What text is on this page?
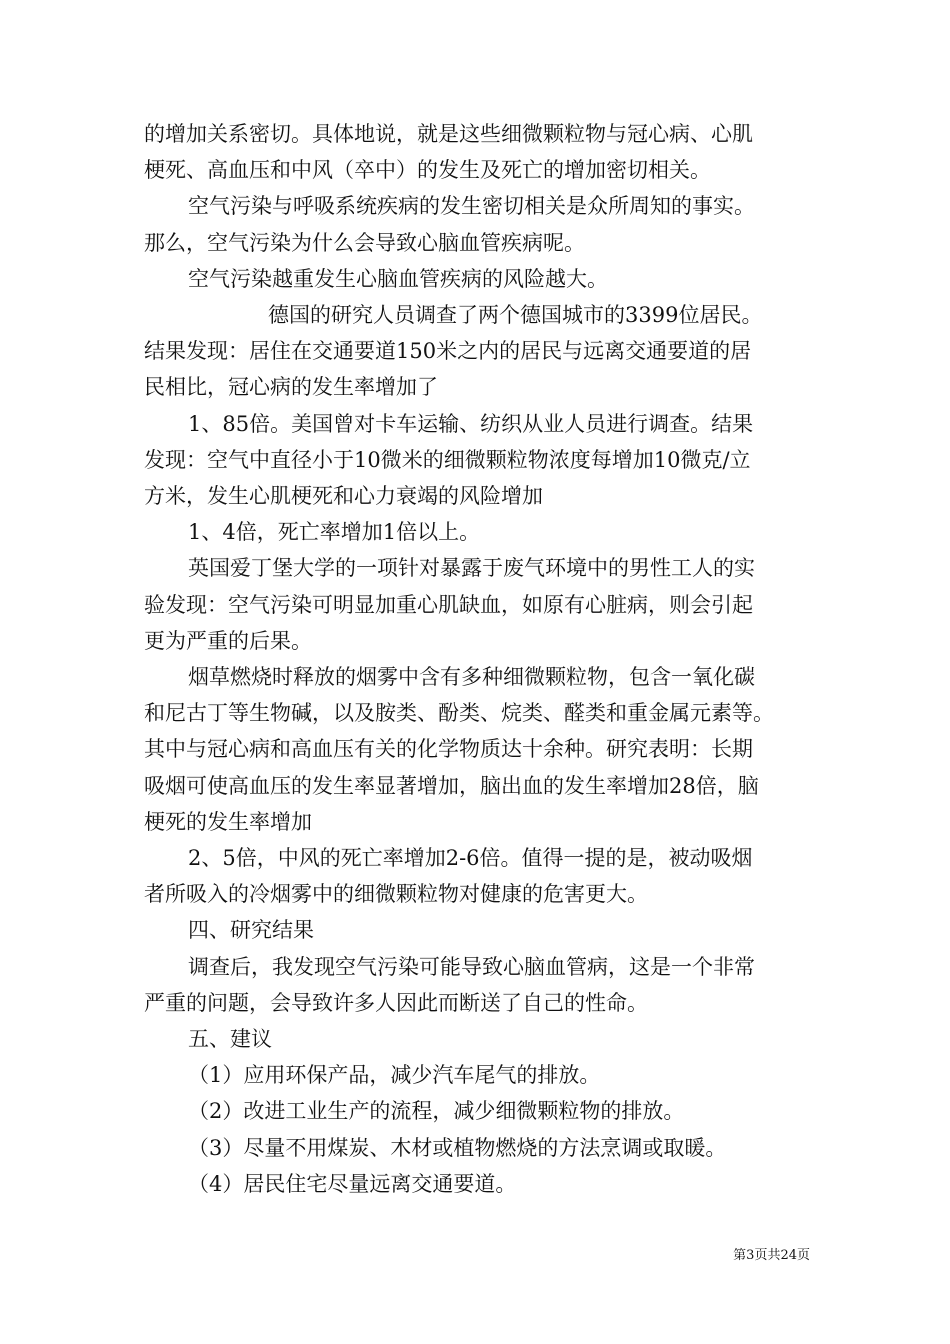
的增加关系密切。具体地说，就是这些细微颗粒物与冠心病、心肌
梗死、高血压和中风（卒中）的发生及死亡的增加密切相关。
空气污染与呼吸系统疾病的发生密切相关是众所周知的事实。
那么，空气污染为什么会导致心脑血管疾病呢。
空气污染越重发生心脑血管疾病的风险越大。
德国的研究人员调查了两个德国城市的3399位居民。
结果发现：居住在交通要道150米之内的居民与远离交通要道的居
民相比，冠心病的发生率增加了
1、85倍。美国曾对卡车运输、纺织从业人员进行调查。结果
发现：空气中直径小于10微米的细微颗粒物浓度每增加10微克/立
方米，发生心肌梗死和心力衰竭的风险增加
1、4倍，死亡率增加1倍以上。
英国爱丁堡大学的一项针对暴露于废气环境中的男性工人的实
验发现：空气污染可明显加重心肌缺血，如原有心脏病，则会引起
更为严重的后果。
烟草燃烧时释放的烟雾中含有多种细微颗粒物，包含一氧化碳
和尼古丁等生物碱，以及胺类、酚类、烷类、醛类和重金属元素等。
其中与冠心病和高血压有关的化学物质达十余种。研究表明：长期
吸烟可使高血压的发生率显著增加，脑出血的发生率增加28倍，脑
梗死的发生率增加
2、5倍，中风的死亡率增加2-6倍。值得一提的是，被动吸烟
者所吸入的冷烟雾中的细微颗粒物对健康的危害更大。
四、研究结果
调查后，我发现空气污染可能导致心脑血管病，这是一个非常
严重的问题，会导致许多人因此而断送了自己的性命。
五、建议
（1）应用环保产品，减少汽车尾气的排放。
（2）改进工业生产的流程，减少细微颗粒物的排放。
（3）尽量不用煤炭、木材或植物燃烧的方法烹调或取暖。
（4）居民住宅尽量远离交通要道。
第3页共24页
